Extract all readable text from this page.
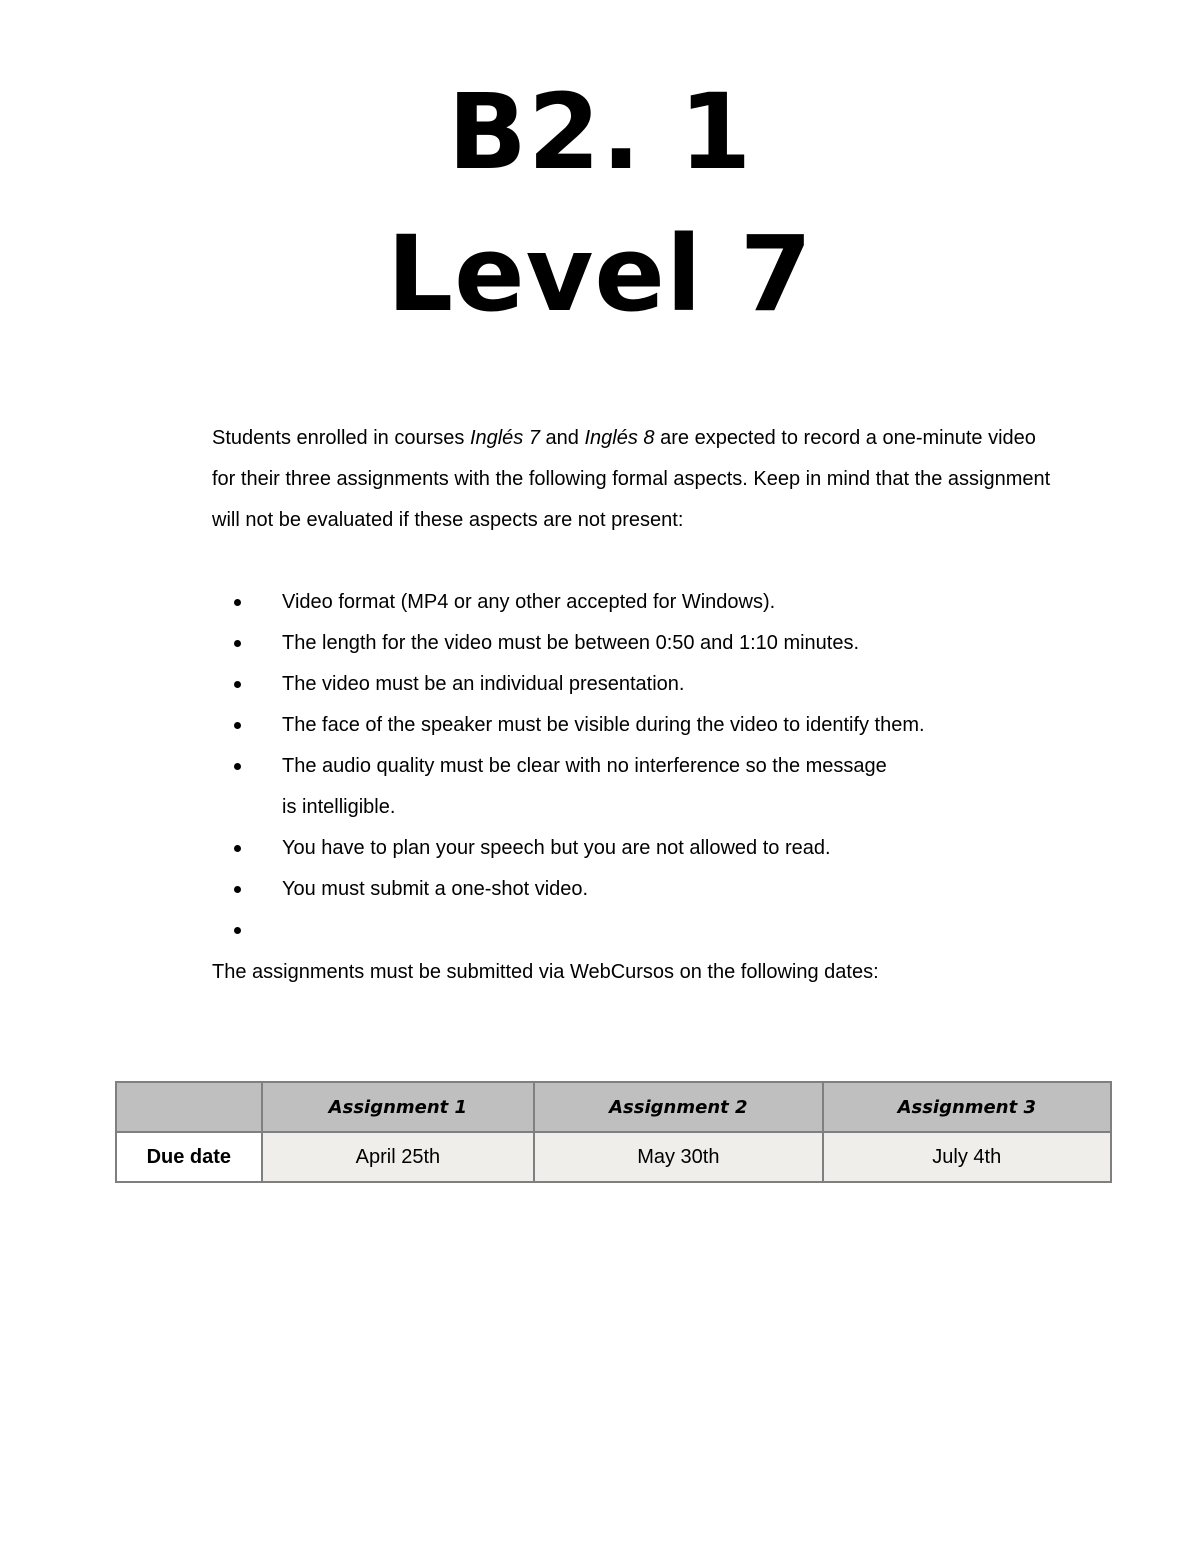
B2. 1
Level 7

Students enrolled in courses Inglés 7 and Inglés 8 are expected to record a one-minute video for their three assignments with the following formal aspects. Keep in mind that the assignment will not be evaluated if these aspects are not present:

Video format (MP4 or any other accepted for Windows).
The length for the video must be between 0:50 and 1:10 minutes.
The video must be an individual presentation.
The face of the speaker must be visible during the video to identify them.
The audio quality must be clear with no interference so the message
is intelligible.
You have to plan your speech but you are not allowed to read.
You must submit a one-shot video.

The assignments must be submitted via WebCursos on the following dates:

	Assignment 1	Assignment 2	Assignment 3
Due date	April 25th	May 30th	July 4th
